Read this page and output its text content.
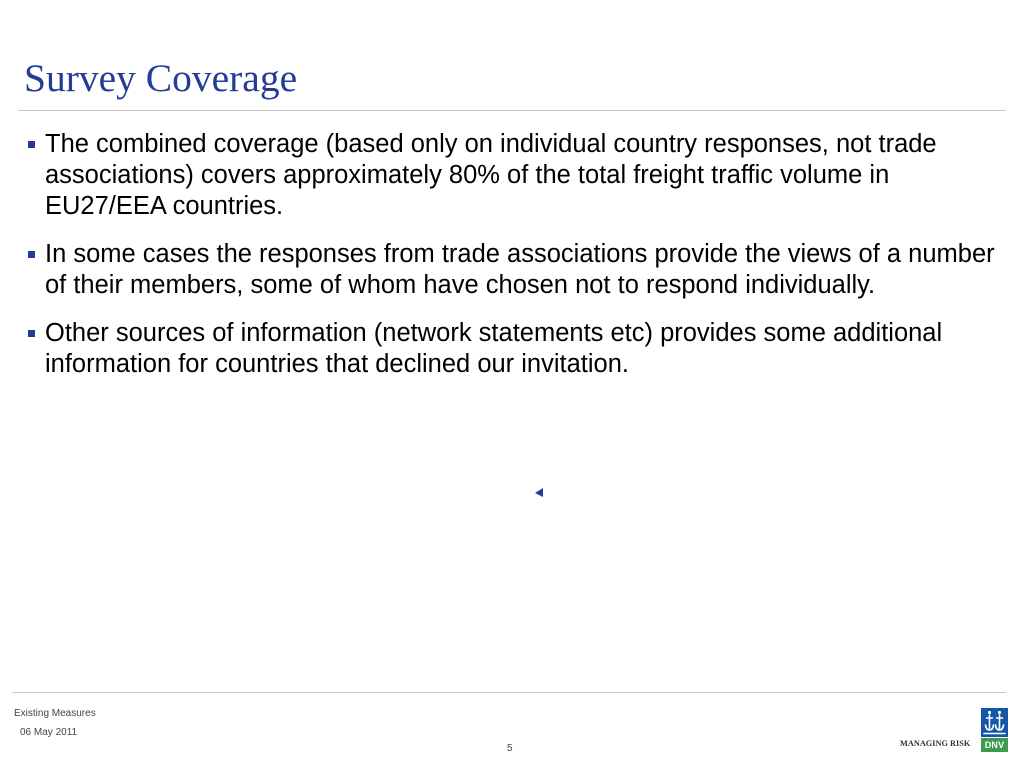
Survey Coverage
The combined coverage (based only on individual country responses, not trade
associations) covers approximately 80% of the total freight traffic volume in
EU27/EEA countries.
In some cases the responses from trade associations provide the views of a number
of their members, some of whom have chosen not to respond individually.
Other sources of information (network statements etc) provides some additional
information for countries that declined our invitation.
Existing Measures
06 May 2011
5	MANAGING RISK	DNV
